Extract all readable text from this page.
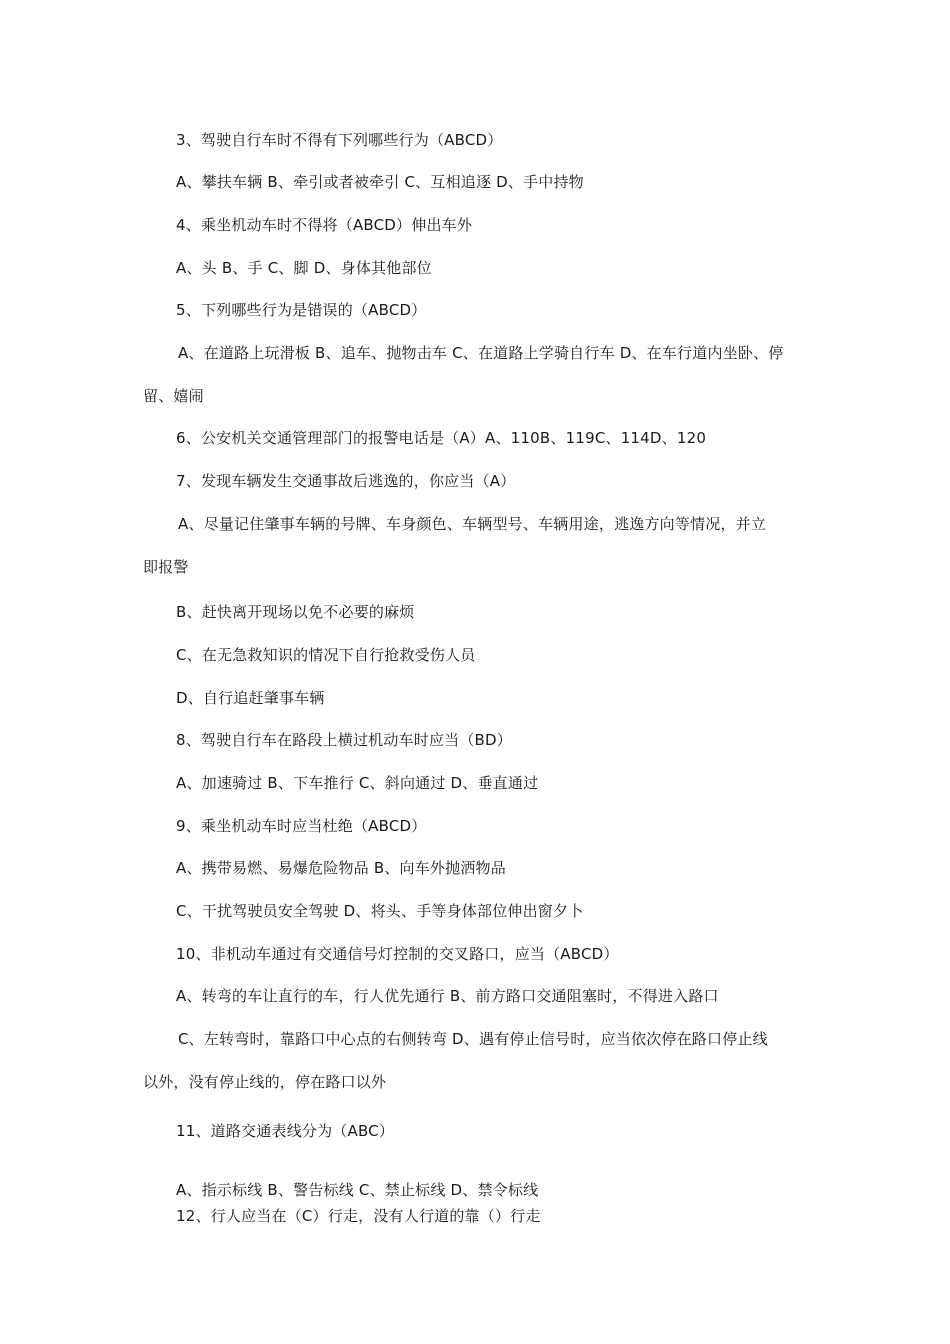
3、驾驶自行车时不得有下列哪些行为（ABCD）
A、攀扶车辆 B、牵引或者被牵引 C、互相追逐 D、手中持物
4、乘坐机动车时不得将（ABCD）伸出车外
A、头 B、手 C、脚 D、身体其他部位
5、下列哪些行为是错误的（ABCD）
A、在道路上玩滑板 B、追车、抛物击车 C、在道路上学骑自行车 D、在车行道内坐卧、停
留、嬉闹
6、公安机关交通管理部门的报警电话是（A）A、110B、119C、114D、120
7、发现车辆发生交通事故后逃逸的，你应当（A）
A、尽量记住肇事车辆的号牌、车身颜色、车辆型号、车辆用途，逃逸方向等情况，并立
即报警
B、赶快离开现场以免不必要的麻烦
C、在无急救知识的情况下自行抢救受伤人员
D、自行追赶肇事车辆
8、驾驶自行车在路段上横过机动车时应当（BD）
A、加速骑过 B、下车推行 C、斜向通过 D、垂直通过
9、乘坐机动车时应当杜绝（ABCD）
A、携带易燃、易爆危险物品 B、向车外抛洒物品
C、干扰驾驶员安全驾驶 D、将头、手等身体部位伸出窗夕卜
10、非机动车通过有交通信号灯控制的交叉路口，应当（ABCD）
A、转弯的车让直行的车，行人优先通行 B、前方路口交通阻塞时，不得进入路口
C、左转弯时，靠路口中心点的右侧转弯 D、遇有停止信号时，应当依次停在路口停止线
以外，没有停止线的，停在路口以外
11、道路交通表线分为（ABC）
A、指示标线 B、警告标线 C、禁止标线 D、禁令标线
12、行人应当在（C）行走，没有人行道的靠（）行走
